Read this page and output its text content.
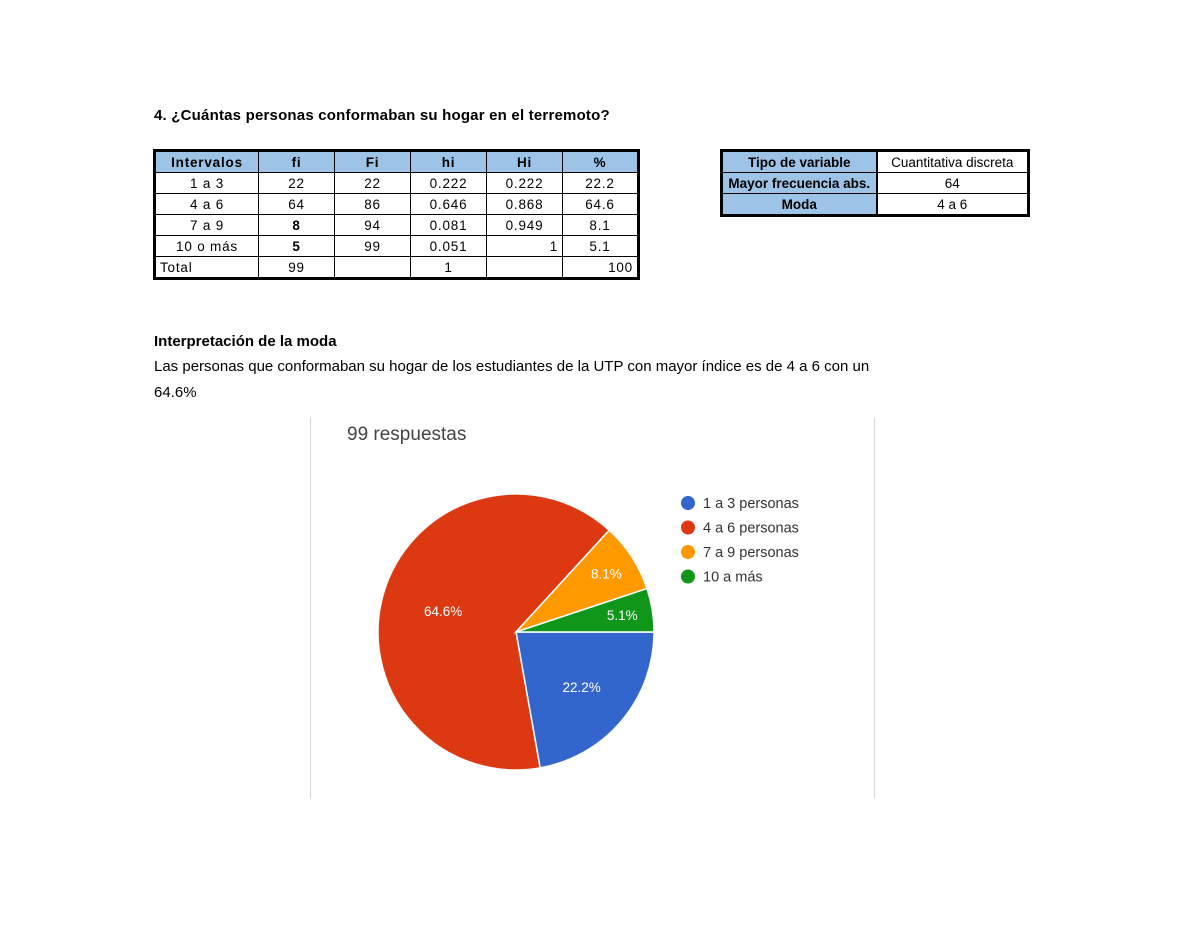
4. ¿Cuántas personas conformaban su hogar en el terremoto?
Intervalos	fi	Fi	hi	Hi	%
1 a 3	22	22	0.222	0.222	22.2
4 a 6	64	86	0.646	0.868	64.6
7 a 9	8	94	0.081	0.949	8.1
10 o más	5	99	0.051	1	5.1
Total	99		1		100
Tipo de variable	Cuantitativa discreta
Mayor frecuencia abs.	64
Moda	4 a 6
Interpretación de la moda
Las personas que conformaban su hogar de los estudiantes de la UTP con mayor índice es de 4 a 6 con un 64.6%
99 respuestas
22.2%
64.6%
8.1%
5.1%
1 a 3 personas
4 a 6 personas
7 a 9 personas
10 a más
